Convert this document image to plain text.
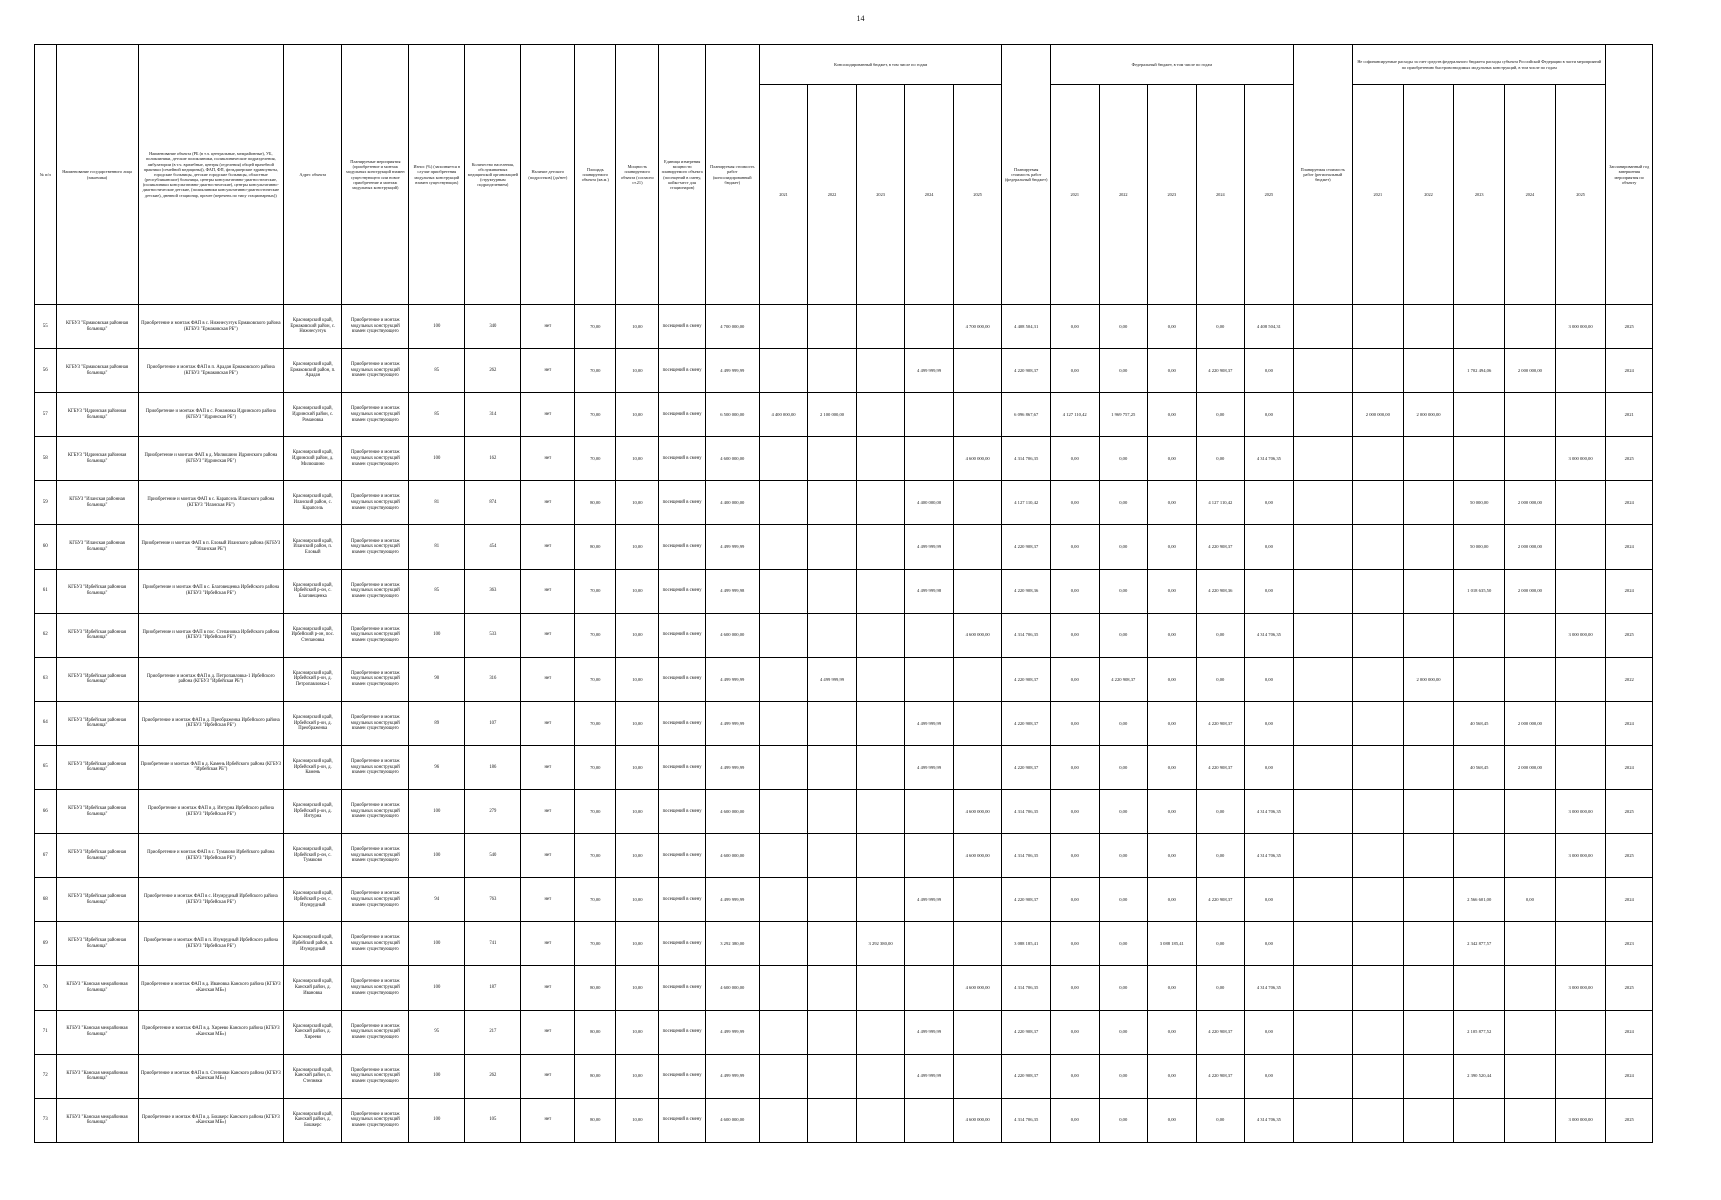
14
№ п/п	Наименование государственного лица (заказчика)	Наименование объекта (РБ (в т.ч. центральные, межрайонные), УБ, поликлиники, детские поликлиники, поликлинические подразделения, амбулатории (в т.ч. врачебные, центры (отделения) общей врачебной практики (семейной медицины)), ФАП, ФП, фельдшерские здравпункты, городские больницы, детские городские больницы, областные (республиканские) больницы, центры консультативно-диагностические, (поликлиники консультативно-диагностические), центры консультативно-диагностические детские, (поликлиники консультативно-диагностические детские), дневной стационар, прочее (перечень по типу стационарных))	Адрес объекта	Планируемые мероприятия (приобретение и монтаж модульных конструкций взамен существующего или новое приобретение и монтаж модульных конструкций)	Износ (%) (заполняется в случае приобретения модульных конструкций взамен существующих)	Количество населения, обслуживаемых медицинской организацией (структурным подразделением)	Наличие детского (подростков) (да/нет)	Площадь планируемого объекта (кв.м.)	Мощность планируемого объекта (согласно ст.21)	Единица измерения мощности планируемого объекта (посещений в смену, койко-мест для стационаров)	Планируемая стоимость работ (консолидированный бюджет)	Консолидированный бюджет, в том числе по годам					Планируемая стоимость работ (федеральный бюджет)	Федеральный бюджет, в том числе по годам					Планируемая стоимость работ (региональный бюджет)	Не софинансируемые расходы за счет средств федерального бюджета расходы субъекта Российской Федерации в части мероприятий по приобретению быстровозводимых модульных конструкций, в том числе по годам					Запланированный год завершения мероприятия по объекту
												2021	2022	2023	2024	2025		2021	2022	2023	2024	2025		2021	2022	2023	2024	2025	
55	КГБУЗ "Ермаковская районная больница"	Приобретение и монтаж ФАП в с. Нижнесуэтук Ермаковского района (КГБУЗ "Ермаковская РБ")	Красноярский край, Ермаковский район, с. Нижнесуэтук	Приобретение и монтаж модульных конструкций взамен существующего	100	340	нет	70,00	10,00	посещений в смену	4 700 000,00					4 700 000,00	4 408 504,31	0,00	0,00	0,00	0,00	4 408 504,31						3 000 000,00	2025
56	КГБУЗ "Ермаковская районная больница"	Приобретение и монтаж ФАП в п. Арадан Ермаковского района (КГБУЗ "Ермаковская РБ")	Красноярский край, Ермаковский район, п. Арадан	Приобретение и монтаж модульных конструкций взамен существующего	85	262	нет	70,00	10,00	посещений в смену	4 499 999,99				4 499 999,99		4 220 908,37	0,00	0,00	0,00	4 220 908,37	0,00				1 702 494,06	2 000 000,00		2024
57	КГБУЗ "Идринская районная больница"	Приобретение и монтаж ФАП в с. Романовка Идринского района (КГБУЗ "Идринская РБ")	Красноярский край, Идринский район, с. Романовка	Приобретение и монтаж модульных конструкций взамен существующего	85	314	нет	70,00	10,00	посещений в смену	6 500 000,00	4 400 000,00	2 100 000,00				6 096 867,67	4 127 110,42	1 969 757,25	0,00	0,00	0,00		2 000 000,00	2 000 000,00				2021
58	КГБУЗ "Идринская районная больница"	Приобретение и монтаж ФАП в д. Милюшино Идринского района (КГБУЗ "Идринская РБ")	Красноярский край, Идринский район, д. Милюшино	Приобретение и монтаж модульных конструкций взамен существующего	100	162	нет	70,00	10,00	посещений в смену	4 600 000,00					4 600 000,00	4 314 706,35	0,00	0,00	0,00	0,00	4 314 706,35						3 000 000,00	2025
59	КГБУЗ "Иланская районная больница"	Приобретение и монтаж ФАП в с. Карапсель Иланского района (КГБУЗ "Иланская РБ")	Красноярский край, Иланский район, с. Карапсель	Приобретение и монтаж модульных конструкций взамен существующего	81	874	нет	80,00	10,00	посещений в смену	4 400 000,00				4 400 000,00		4 127 110,42	0,00	0,00	0,00	4 127 110,42	0,00				50 000,00	2 000 000,00		2024
60	КГБУЗ "Иланская районная больница"	Приобретение и монтаж ФАП в п. Еловый Иланского района (КГБУЗ "Иланская РБ")	Красноярский край, Иланский район, п. Еловый	Приобретение и монтаж модульных конструкций взамен существующего	81	454	нет	80,00	10,00	посещений в смену	4 499 999,99				4 499 999,99		4 220 908,37	0,00	0,00	0,00	4 220 908,37	0,00				50 000,00	2 000 000,00		2024
61	КГБУЗ "Ирбейская районная больница"	Приобретение и монтаж ФАП в с. Благовещенка Ирбейского района (КГБУЗ "Ирбейская РБ")	Красноярский край, Ирбейский р-он, с. Благовещенка	Приобретение и монтаж модульных конструкций взамен существующего	85	363	нет	70,00	10,00	посещений в смену	4 499 999,98				4 499 999,98		4 220 908,36	0,00	0,00	0,00	4 220 908,36	0,00				1 018 635,50	2 000 000,00		2024
62	КГБУЗ "Ирбейская районная больница"	Приобретение и монтаж ФАП в пос. Степановка Ирбейского района (КГБУЗ "Ирбейская РБ")	Красноярский край, Ирбейский р-он, пос. Степановка	Приобретение и монтаж модульных конструкций взамен существующего	100	533	нет	70,00	10,00	посещений в смену	4 600 000,00					4 600 000,00	4 314 706,35	0,00	0,00	0,00	0,00	4 314 706,35						3 000 000,00	2025
63	КГБУЗ "Ирбейская районная больница"	Приобретение и монтаж ФАП в д. Петропавловка-1 Ирбейского района (КГБУЗ "Ирбейская РБ")	Красноярский край, Ирбейский р-он, д. Петропавловка-1	Приобретение и монтаж модульных конструкций взамен существующего	90	316	нет	70,00	10,00	посещений в смену	4 499 999,99		4 499 999,99				4 220 908,37	0,00	4 220 908,37	0,00	0,00	0,00			2 000 000,00				2022
64	КГБУЗ "Ирбейская районная больница"	Приобретение и монтаж ФАП в д. Преображенка Ирбейского района (КГБУЗ "Ирбейская РБ")	Красноярский край, Ирбейский р-он, д. Преображенка	Приобретение и монтаж модульных конструкций взамен существующего	89	107	нет	70,00	10,00	посещений в смену	4 499 999,99				4 499 999,99		4 220 908,37	0,00	0,00	0,00	4 220 908,37	0,00				40 568,45	2 000 000,00		2024
65	КГБУЗ "Ирбейская районная больница"	Приобретение и монтаж ФАП в д. Камень Ирбейского района (КГБУЗ "Ирбейская РБ")	Красноярский край, Ирбейский р-он, д. Камень	Приобретение и монтаж модульных конструкций взамен существующего	96	186	нет	70,00	10,00	посещений в смену	4 499 999,99				4 499 999,99		4 220 908,37	0,00	0,00	0,00	4 220 908,37	0,00				40 568,45	2 000 000,00		2024
66	КГБУЗ "Ирбейская районная больница"	Приобретение и монтаж ФАП в д. Интурна Ирбейского района (КГБУЗ "Ирбейская РБ")	Красноярский край, Ирбейский р-он, д. Интурна	Приобретение и монтаж модульных конструкций взамен существующего	100	279	нет	70,00	10,00	посещений в смену	4 600 000,00					4 600 000,00	4 314 706,35	0,00	0,00	0,00	0,00	4 314 706,35						3 000 000,00	2025
67	КГБУЗ "Ирбейская районная больница"	Приобретение и монтаж ФАП в с. Тумаково Ирбейского района (КГБУЗ "Ирбейская РБ")	Красноярский край, Ирбейский р-он, с. Тумаково	Приобретение и монтаж модульных конструкций взамен существующего	100	540	нет	70,00	10,00	посещений в смену	4 600 000,00					4 600 000,00	4 314 706,35	0,00	0,00	0,00	0,00	4 314 706,35						3 000 000,00	2025
68	КГБУЗ "Ирбейская районная больница"	Приобретение и монтаж ФАП в с. Изумрудный Ирбейского района (КГБУЗ "Ирбейская РБ")	Красноярский край, Ирбейский р-он, с. Изумрудный	Приобретение и монтаж модульных конструкций взамен существующего	94	763	нет	70,00	10,00	посещений в смену	4 499 999,99				4 499 999,99		4 220 908,37	0,00	0,00	0,00	4 220 908,37	0,00				2 566 601,00	0,00		2024
69	КГБУЗ "Ирбейская районная больница"	Приобретение и монтаж ФАП в п. Изумрудный Ирбейского района (КГБУЗ "Ирбейская РБ")	Красноярский край, Ирбейский район, п. Изумрудный	Приобретение и монтаж модульных конструкций взамен существующего	100	741	нет	70,00	10,00	посещений в смену	3 292 380,00			3 292 380,00			3 088 185,41	0,00	0,00	3 088 185,41	0,00	0,00				2 342 877,57			2023
70	КГБУЗ "Канская межрайонная больница"	Приобретение и монтаж ФАП в д. Ивановка Канского района (КГБУЗ «Канская МБ»)	Красноярский край, Канский район, д. Ивановка	Приобретение и монтаж модульных конструкций взамен существующего	100	187	нет	80,00	10,00	посещений в смену	4 600 000,00					4 600 000,00	4 314 706,35	0,00	0,00	0,00	0,00	4 314 706,35						3 000 000,00	2025
71	КГБУЗ "Канская межрайонная больница"	Приобретение и монтаж ФАП в д. Хиреево Канского района (КГБУЗ «Канская МБ»)	Красноярский край, Канский район, д. Хиреево	Приобретение и монтаж модульных конструкций взамен существующего	95	217	нет	80,00	10,00	посещений в смену	4 499 999,99				4 499 999,99		4 220 908,37	0,00	0,00	0,00	4 220 908,37	0,00				2 105 877,52			2024
72	КГБУЗ "Канская межрайонная больница"	Приобретение и монтаж ФАП в п. Степняки Канского района (КГБУЗ «Канская МБ»)	Красноярский край, Канский район, п. Степняки	Приобретение и монтаж модульных конструкций взамен существующего	100	262	нет	80,00	10,00	посещений в смену	4 499 999,99				4 499 999,99		4 220 908,37	0,00	0,00	0,00	4 220 908,37	0,00				2 390 520,44			2024
73	КГБУЗ "Канская межрайонная больница"	Приобретение и монтаж ФАП в д. Бошкерс Канского района (КГБУЗ «Канская МБ»)	Красноярский край, Канский район, д. Бошкерс	Приобретение и монтаж модульных конструкций взамен существующего	100	105	нет	80,00	10,00	посещений в смену	4 600 000,00					4 600 000,00	4 314 706,35	0,00	0,00	0,00	0,00	4 314 706,35						3 000 000,00	2025
